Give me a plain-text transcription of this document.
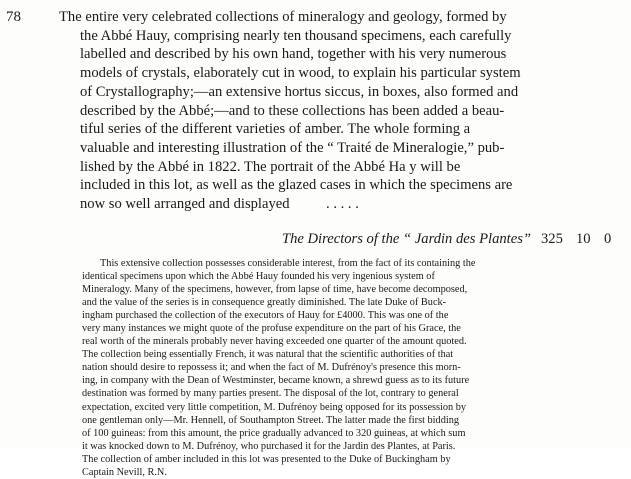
78	The entire very celebrated collections of mineralogy and geology, formed by
the Abbé Hauy, comprising nearly ten thousand specimens, each carefully
labelled and described by his own hand, together with his very numerous
models of crystals, elaborately cut in wood, to explain his particular system
of Crystallography;—an extensive hortus siccus, in boxes, also formed and
described by the Abbé;—and to these collections has been added a beau-
tiful series of the different varieties of amber. The whole forming a
valuable and interesting illustration of the “ Traité de Mineralogie,” pub-
lished by the Abbé in 1822. The portrait of the Abbé Ha y will be
included in this lot, as well as the glazed cases in which the specimens are
now so well arranged and displayed . . . . .
The Directors of the “ Jardin des Plantes” 325 10 0
This extensive collection possesses considerable interest, from the fact of its containing the
identical specimens upon which the Abbé Hauy founded his very ingenious system of
Mineralogy. Many of the specimens, however, from lapse of time, have become decomposed,
and the value of the series is in consequence greatly diminished. The late Duke of Buck-
ingham purchased the collection of the executors of Hauy for £4000. This was one of the
very many instances we might quote of the profuse expenditure on the part of his Grace, the
real worth of the minerals probably never having exceeded one quarter of the amount quoted.
The collection being essentially French, it was natural that the scientific authorities of that
nation should desire to repossess it; and when the fact of M. Dufrénoy's presence this morn-
ing, in company with the Dean of Westminster, became known, a shrewd guess as to its future
destination was formed by many parties present. The disposal of the lot, contrary to general
expectation, excited very little competition, M. Dufrénoy being opposed for its possession by
one gentleman only—Mr. Hennell, of Southampton Street. The latter made the first bidding
of 100 guineas: from this amount, the price gradually advanced to 320 guineas, at which sum
it was knocked down to M. Dufrénoy, who purchased it for the Jardin des Plantes, at Paris.
The collection of amber included in this lot was presented to the Duke of Buckingham by
Captain Nevill, R.N.
